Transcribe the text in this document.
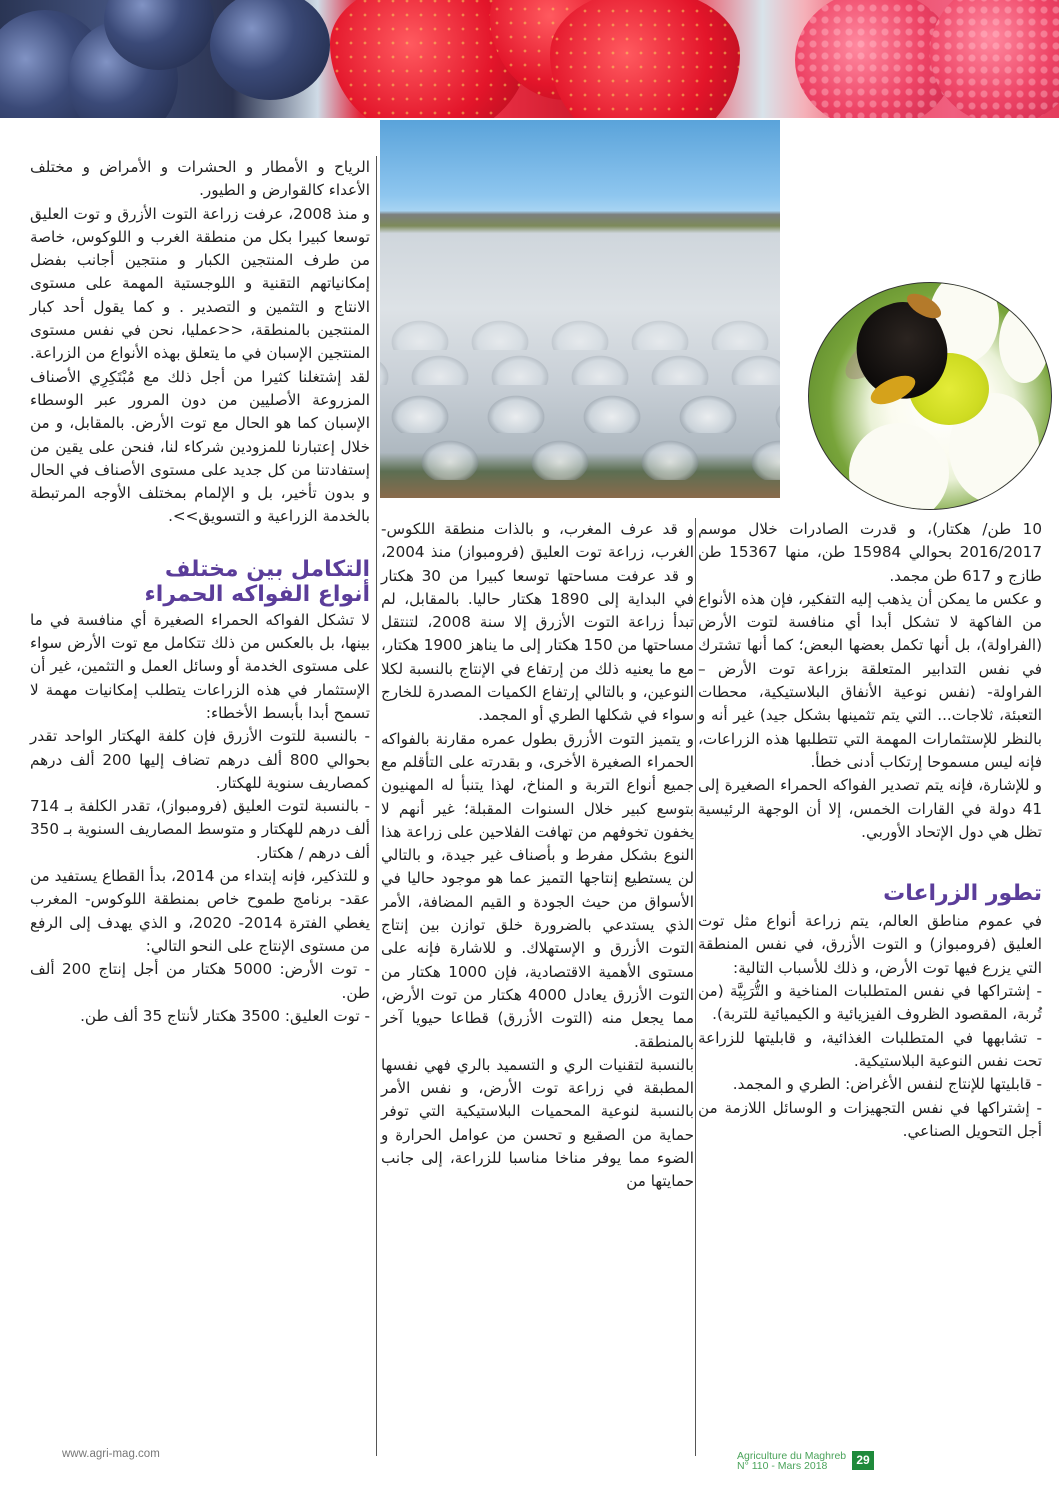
10 طن/ هكتار)، و قدرت الصادرات خلال موسم 2016/2017 بحوالي 15984 طن، منها 15367 طن طازج و 617 طن مجمد.

و عكس ما يمكن أن يذهب إليه التفكير، فإن هذه الأنواع من الفاكهة لا تشكل أبدا أي منافسة لتوت الأرض (الفراولة)، بل أنها تكمل بعضها البعض؛ كما أنها تشترك في نفس التدابير المتعلقة بزراعة توت الأرض –الفراولة- (نفس نوعية الأنفاق البلاستيكية، محطات التعبئة، ثلاجات... التي يتم تثمينها بشكل جيد) غير أنه و بالنظر للإستثمارات المهمة التي تتطلبها هذه الزراعات، فإنه ليس مسموحا إرتكاب أدنى خطأ.

و للإشارة، فإنه يتم تصدير الفواكه الحمراء الصغيرة إلى 41 دولة في القارات الخمس، إلا أن الوجهة الرئيسية تظل هي دول الإتحاد الأوربي.

تطور الزراعات

في عموم مناطق العالم، يتم زراعة أنواع مثل توت العليق (فرومبواز) و التوت الأزرق، في نفس المنطقة التي يزرع فيها توت الأرض، و ذلك للأسباب التالية:

- إشتراكها في نفس المتطلبات المناخية و التُّرَبِيَّة (من تُربة، المقصود الظروف الفيزيائية و الكيميائية للتربة).

- تشابهها في المتطلبات الغذائية، و قابليتها للزراعة تحت نفس النوعية البلاستيكية.

- قابليتها للإنتاج لنفس الأغراض: الطري و المجمد.

- إشتراكها في نفس التجهيزات و الوسائل اللازمة من أجل التحويل الصناعي.

و قد عرف المغرب، و بالذات منطقة اللكوس-الغرب، زراعة توت العليق (فرومبواز) منذ 2004، و قد عرفت مساحتها توسعا كبيرا من 30 هكتار في البداية إلى 1890 هكتار حاليا. بالمقابل، لم تبدأ زراعة التوت الأزرق إلا سنة 2008، لتنتقل مساحتها من 150 هكتار إلى ما يناهز 1900 هكتار، مع ما يعنيه ذلك من إرتفاع في الإنتاج بالنسبة لكلا النوعين، و بالتالي إرتفاع الكميات المصدرة للخارج سواء في شكلها الطري أو المجمد.

و يتميز التوت الأزرق بطول عمره مقارنة بالفواكه الحمراء الصغيرة الأخرى، و بقدرته على التأقلم مع جميع أنواع التربة و المناخ، لهذا يتنبأ له المهنيون بتوسع كبير خلال السنوات المقبلة؛ غير أنهم لا يخفون تخوفهم من تهافت الفلاحين على زراعة هذا النوع بشكل مفرط و بأصناف غير جيدة، و بالتالي لن يستطيع إنتاجها التميز عما هو موجود حاليا في الأسواق من حيث الجودة و القيم المضافة، الأمر الذي يستدعي بالضرورة خلق توازن بين إنتاج التوت الأزرق و الإستهلاك. و للاشارة فإنه على مستوى الأهمية الاقتصادية، فإن 1000 هكتار من التوت الأزرق يعادل 4000 هكتار من توت الأرض، مما يجعل منه (التوت الأزرق) قطاعا حيويا آخر بالمنطقة.

بالنسبة لتقنيات الري و التسميد بالري فهي نفسها المطبقة في زراعة توت الأرض، و نفس الأمر بالنسبة لنوعية المحميات البلاستيكية التي توفر حماية من الصقيع و تحسن من عوامل الحرارة و الضوء مما يوفر مناخا مناسبا للزراعة، إلى جانب حمايتها من

الرياح و الأمطار و الحشرات و الأمراض و مختلف الأعداء كالقوارض و الطيور.

و منذ 2008، عرفت زراعة التوت الأزرق و توت العليق توسعا كبيرا بكل من منطقة الغرب و اللوكوس، خاصة من طرف المنتجين الكبار و منتجين أجانب بفضل إمكانياتهم التقنية و اللوجستية المهمة على مستوى الانتاج و التثمين و التصدير . و كما يقول أحد كبار المنتجين بالمنطقة، <<عمليا، نحن في نفس مستوى المنتجين الإسبان في ما يتعلق بهذه الأنواع من الزراعة. لقد إشتغلنا كثيرا من أجل ذلك مع مُبْتَكِرِي الأصناف المزروعة الأصليين من دون المرور عبر الوسطاء الإسبان كما هو الحال مع توت الأرض. بالمقابل، و من خلال إعتبارنا للمزودين شركاء لنا، فنحن على يقين من إستفادتنا من كل جديد على مستوى الأصناف في الحال و بدون تأخير، بل و الإلمام بمختلف الأوجه المرتبطة بالخدمة الزراعية و التسويق>>.

التكامل بين مختلف
أنواع الفواكه الحمراء

لا تشكل الفواكه الحمراء الصغيرة أي منافسة في ما بينها، بل بالعكس من ذلك تتكامل مع توت الأرض سواء على مستوى الخدمة أو وسائل العمل و التثمين، غير أن الإستثمار في هذه الزراعات يتطلب إمكانيات مهمة لا تسمح أبدا بأبسط الأخطاء:

- بالنسبة للتوت الأزرق فإن كلفة الهكتار الواحد تقدر بحوالي 800 ألف درهم تضاف إليها 200 ألف درهم كمصاريف سنوية للهكتار.

- بالنسبة لتوت العليق (فرومبواز)، تقدر الكلفة بـ 714 ألف درهم للهكتار و متوسط المصاريف السنوية بـ 350 ألف درهم / هكتار.

و للتذكير، فإنه إبتداء من 2014، بدأ القطاع يستفيد من عقد- برنامج طموح خاص بمنطقة اللوكوس- المغرب يغطي الفترة 2014- 2020، و الذي يهدف إلى الرفع من مستوى الإنتاج على النحو التالي:

- توت الأرض: 5000 هكتار من أجل إنتاج 200 ألف طن.

- توت العليق: 3500 هكتار لأنتاج 35 ألف طن.

www.agri-mag.com	Agriculture du Maghreb
N° 110 - Mars 2018	29
